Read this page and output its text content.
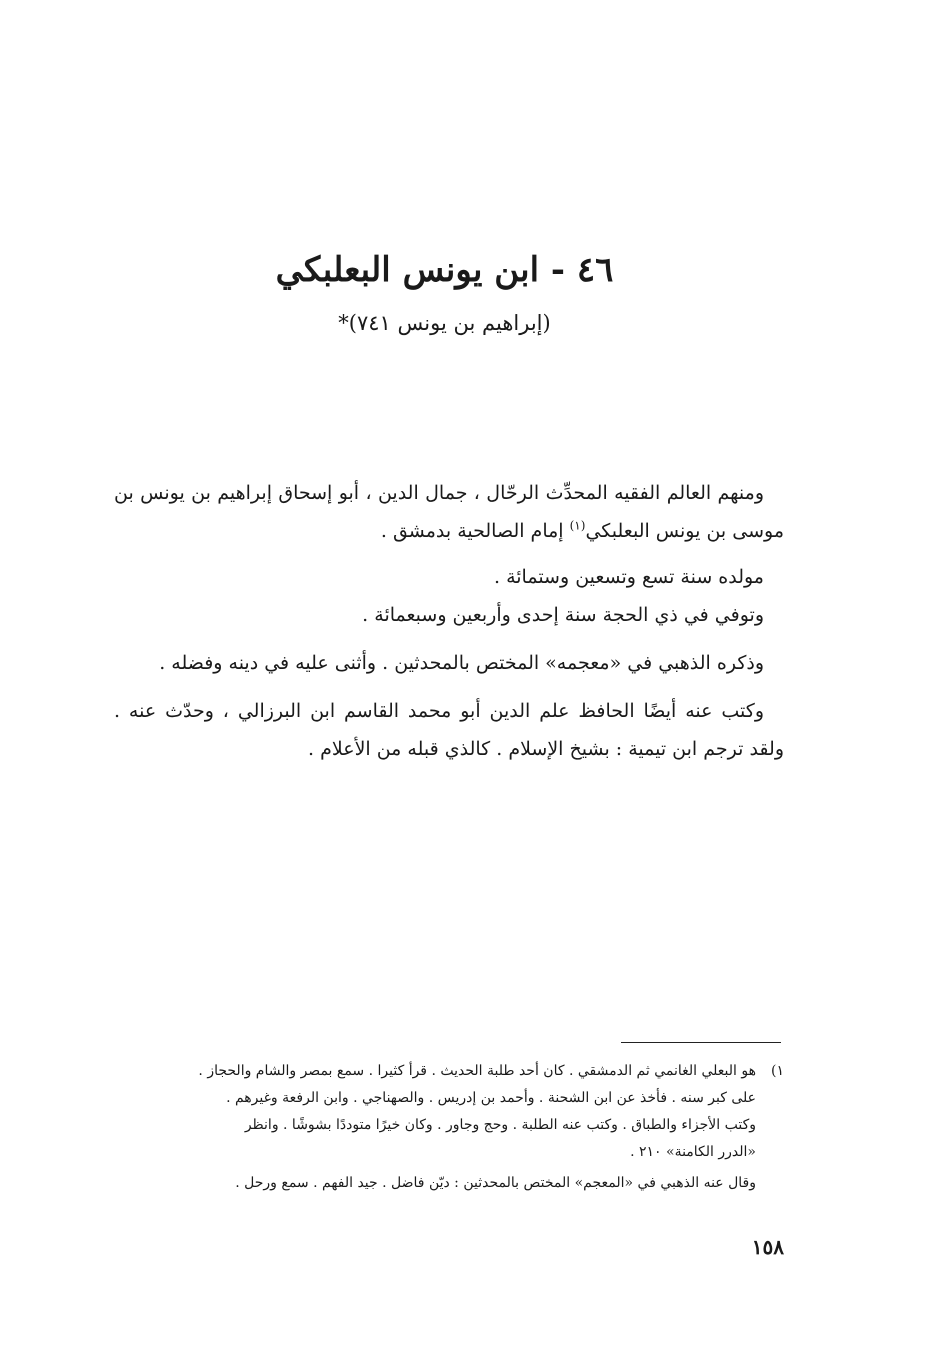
٤٦ - ابن يونس البعلبكي
(إبراهيم بن يونس ٧٤١)*

ومنهم العالم الفقيه المحدِّث الرحّال ، جمال الدين ، أبو إسحاق إبراهيم بن يونس بن موسى بن يونس البعلبكي$^{(١)}$ إمام الصالحية بدمشق .

مولده سنة تسع وتسعين وستمائة .

وتوفي في ذي الحجة سنة إحدى وأربعين وسبعمائة .

وذكره الذهبي في «معجمه» المختص بالمحدثين . وأثنى عليه في دينه وفضله .

وكتب عنه أيضًا الحافظ علم الدين أبو محمد القاسم ابن البرزالي ، وحدّث عنه . ولقد ترجم ابن تيمية : بشيخ الإسلام . كالذي قبله من الأعلام .

١)هو البعلي الغانمي ثم الدمشقي . كان أحد طلبة الحديث . قرأ كثيرا . سمع بمصر والشام والحجاز .

على كبر سنه . فأخذ عن ابن الشحنة . وأحمد بن إدريس . والصهناجي . وابن الرفعة وغيرهم .

وكتب الأجزاء والطباق . وكتب عنه الطلبة . وحج وجاور . وكان خيرًا متوددًا بشوشًا . وانظر

«الدرر الكامنة» ٢١٠ .

وقال عنه الذهبي في «المعجم» المختص بالمحدثين : ديّن فاضل . جيد الفهم . سمع ورحل .

١٥٨
